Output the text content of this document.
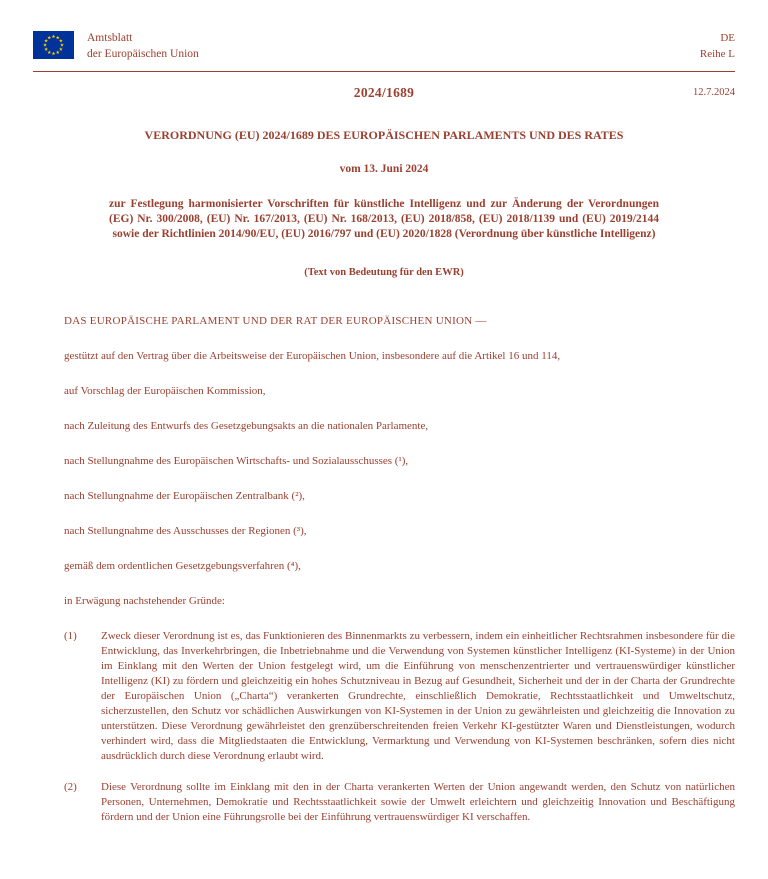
Amtsblatt
der Europäischen Union
DE
Reihe L
2024/1689	12.7.2024
VERORDNUNG (EU) 2024/1689 DES EUROPÄISCHEN PARLAMENTS UND DES RATES
vom 13. Juni 2024

zur Festlegung harmonisierter Vorschriften für künstliche Intelligenz und zur Änderung der Verordnungen (EG) Nr. 300/2008, (EU) Nr. 167/2013, (EU) Nr. 168/2013, (EU) 2018/858, (EU) 2018/1139 und (EU) 2019/2144 sowie der Richtlinien 2014/90/EU, (EU) 2016/797 und (EU) 2020/1828 (Verordnung über künstliche Intelligenz)

(Text von Bedeutung für den EWR)

DAS EUROPÄISCHE PARLAMENT UND DER RAT DER EUROPÄISCHEN UNION —

gestützt auf den Vertrag über die Arbeitsweise der Europäischen Union, insbesondere auf die Artikel 16 und 114,

auf Vorschlag der Europäischen Kommission,

nach Zuleitung des Entwurfs des Gesetzgebungsakts an die nationalen Parlamente,

nach Stellungnahme des Europäischen Wirtschafts- und Sozialausschusses (¹),

nach Stellungnahme der Europäischen Zentralbank (²),

nach Stellungnahme des Ausschusses der Regionen (³),

gemäß dem ordentlichen Gesetzgebungsverfahren (⁴),

in Erwägung nachstehender Gründe:

(1)	Zweck dieser Verordnung ist es, das Funktionieren des Binnenmarkts zu verbessern, indem ein einheitlicher Rechtsrahmen insbesondere für die Entwicklung, das Inverkehrbringen, die Inbetriebnahme und die Verwendung von Systemen künstlicher Intelligenz (KI-Systeme) in der Union im Einklang mit den Werten der Union festgelegt wird, um die Einführung von menschenzentrierter und vertrauenswürdiger künstlicher Intelligenz (KI) zu fördern und gleichzeitig ein hohes Schutzniveau in Bezug auf Gesundheit, Sicherheit und der in der Charta der Grundrechte der Europäischen Union („Charta“) verankerten Grundrechte, einschließlich Demokratie, Rechtsstaatlichkeit und Umweltschutz, sicherzustellen, den Schutz vor schädlichen Auswirkungen von KI-Systemen in der Union zu gewährleisten und gleichzeitig die Innovation zu unterstützen. Diese Verordnung gewährleistet den grenzüberschreitenden freien Verkehr KI-gestützter Waren und Dienstleistungen, wodurch verhindert wird, dass die Mitgliedstaaten die Entwicklung, Vermarktung und Verwendung von KI-Systemen beschränken, sofern dies nicht ausdrücklich durch diese Verordnung erlaubt wird.
(2)	Diese Verordnung sollte im Einklang mit den in der Charta verankerten Werten der Union angewandt werden, den Schutz von natürlichen Personen, Unternehmen, Demokratie und Rechtsstaatlichkeit sowie der Umwelt erleichtern und gleichzeitig Innovation und Beschäftigung fördern und der Union eine Führungsrolle bei der Einführung vertrauenswürdiger KI verschaffen.
